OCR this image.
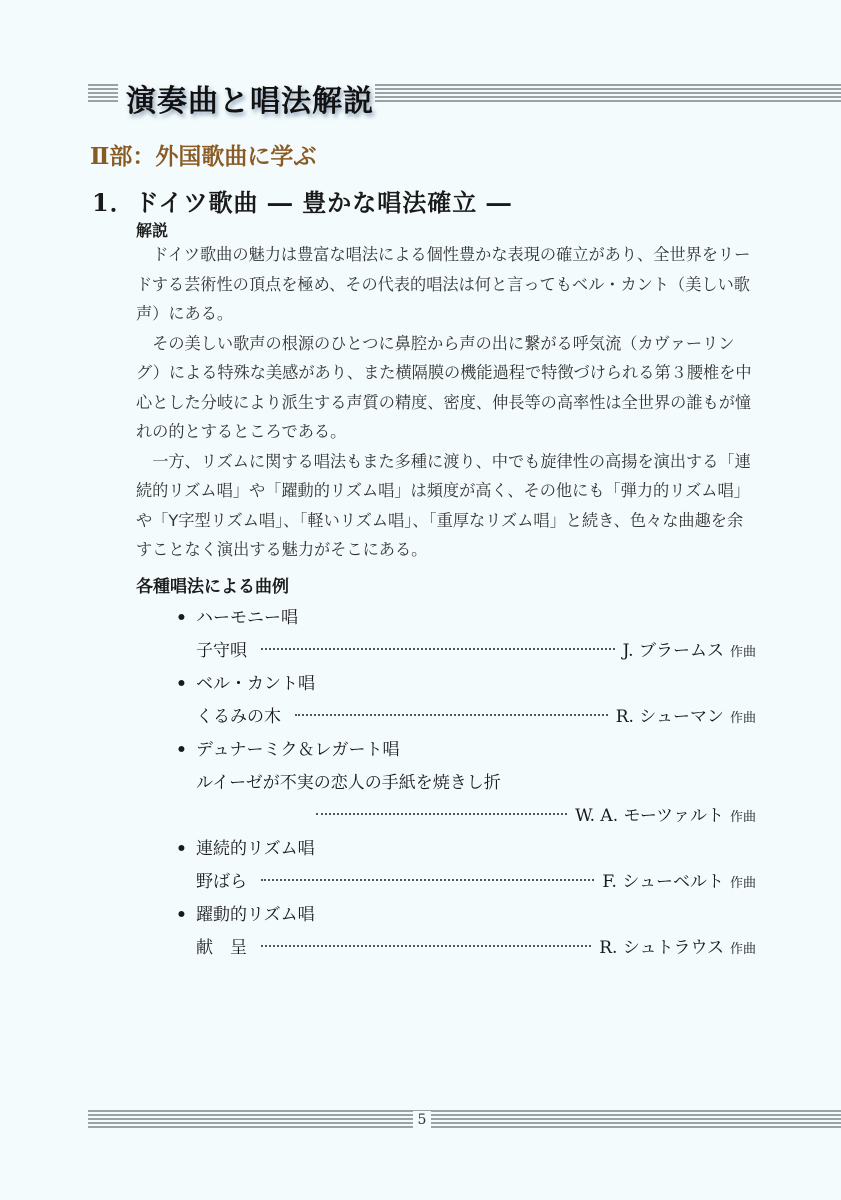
演奏曲と唱法解説
Ⅱ部：外国歌曲に学ぶ
1．ドイツ歌曲 ― 豊かな唱法確立 ―
解説

ドイツ歌曲の魅力は豊富な唱法による個性豊かな表現の確立があり、全世界をリードする芸術性の頂点を極め、その代表的唱法は何と言ってもベル・カント（美しい歌声）にある。

その美しい歌声の根源のひとつに鼻腔から声の出に繋がる呼気流（カヴァーリング）による特殊な美感があり、また横隔膜の機能過程で特徴づけられる第３腰椎を中心とした分岐により派生する声質の精度、密度、伸長等の高率性は全世界の誰もが憧れの的とするところである。

一方、リズムに関する唱法もまた多種に渡り、中でも旋律性の高揚を演出する「連続的リズム唱」や「躍動的リズム唱」は頻度が高く、その他にも「弾力的リズム唱」や「Y字型リズム唱」、「軽いリズム唱」、「重厚なリズム唱」と続き、色々な曲趣を余すことなく演出する魅力がそこにある。

各種唱法による曲例
• ハーモニー唱
子守唄	J. ブラームス 作曲
• ベル・カント唱
くるみの木	R. シューマン 作曲
• デュナーミク＆レガート唱
ルイーゼが不実の恋人の手紙を焼きし折
W. A. モーツァルト 作曲
• 連続的リズム唱
野ばら	F. シューベルト 作曲
• 躍動的リズム唱
献　呈	R. シュトラウス 作曲
5
